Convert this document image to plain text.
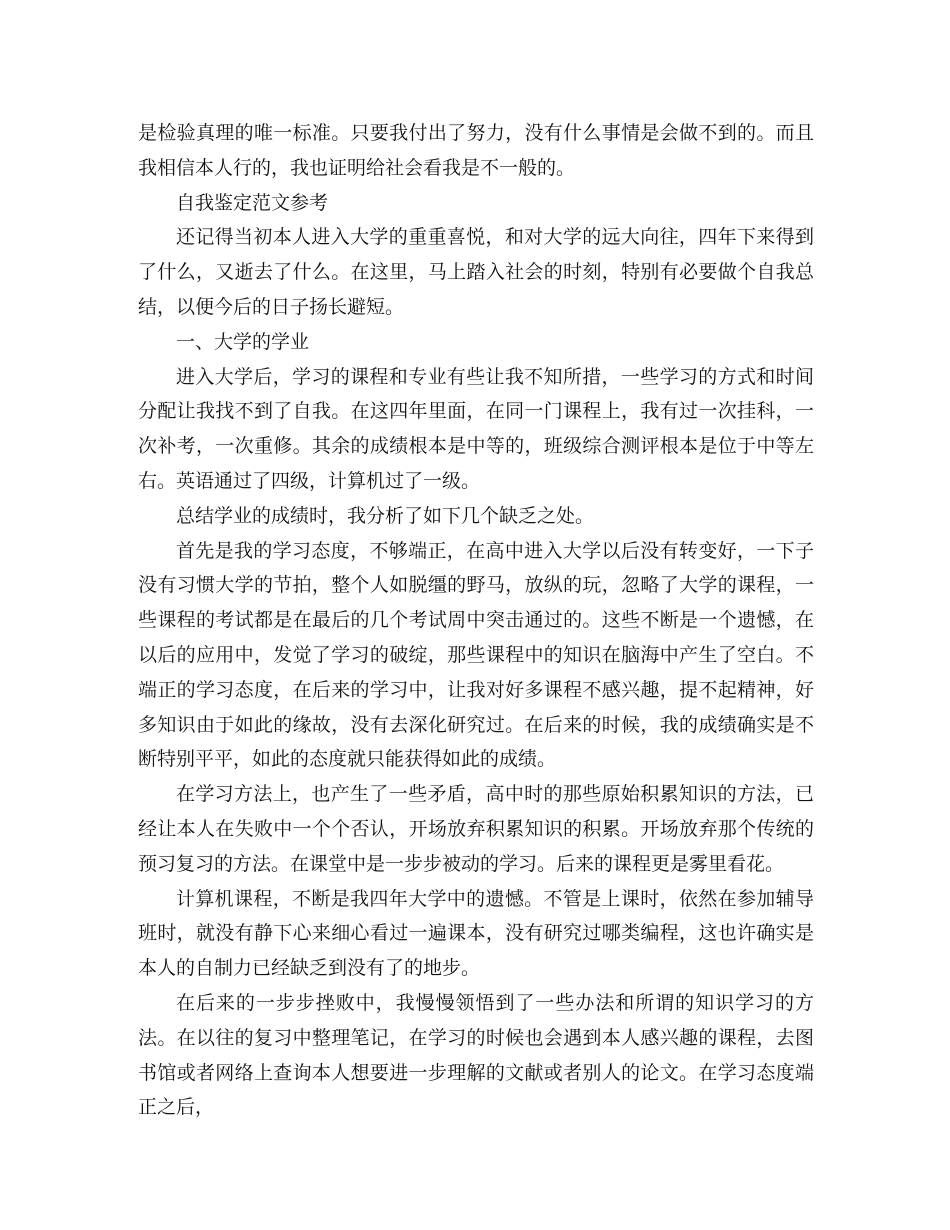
是检验真理的唯一标准。只要我付出了努力，没有什么事情是会做不到的。而且我相信本人行的，我也证明给社会看我是不一般的。

自我鉴定范文参考

还记得当初本人进入大学的重重喜悦，和对大学的远大向往，四年下来得到了什么，又逝去了什么。在这里，马上踏入社会的时刻，特别有必要做个自我总结，以便今后的日子扬长避短。

一、大学的学业

进入大学后，学习的课程和专业有些让我不知所措，一些学习的方式和时间分配让我找不到了自我。在这四年里面，在同一门课程上，我有过一次挂科，一次补考，一次重修。其余的成绩根本是中等的，班级综合测评根本是位于中等左右。英语通过了四级，计算机过了一级。

总结学业的成绩时，我分析了如下几个缺乏之处。

首先是我的学习态度，不够端正，在高中进入大学以后没有转变好，一下子没有习惯大学的节拍，整个人如脱缰的野马，放纵的玩，忽略了大学的课程，一些课程的考试都是在最后的几个考试周中突击通过的。这些不断是一个遗憾，在以后的应用中，发觉了学习的破绽，那些课程中的知识在脑海中产生了空白。不端正的学习态度，在后来的学习中，让我对好多课程不感兴趣，提不起精神，好多知识由于如此的缘故，没有去深化研究过。在后来的时候，我的成绩确实是不断特别平平，如此的态度就只能获得如此的成绩。

在学习方法上，也产生了一些矛盾，高中时的那些原始积累知识的方法，已经让本人在失败中一个个否认，开场放弃积累知识的积累。开场放弃那个传统的预习复习的方法。在课堂中是一步步被动的学习。后来的课程更是雾里看花。

计算机课程，不断是我四年大学中的遗憾。不管是上课时，依然在参加辅导班时，就没有静下心来细心看过一遍课本，没有研究过哪类编程，这也许确实是本人的自制力已经缺乏到没有了的地步。

在后来的一步步挫败中，我慢慢领悟到了一些办法和所谓的知识学习的方法。在以往的复习中整理笔记，在学习的时候也会遇到本人感兴趣的课程，去图书馆或者网络上查询本人想要进一步理解的文献或者别人的论文。在学习态度端正之后，
